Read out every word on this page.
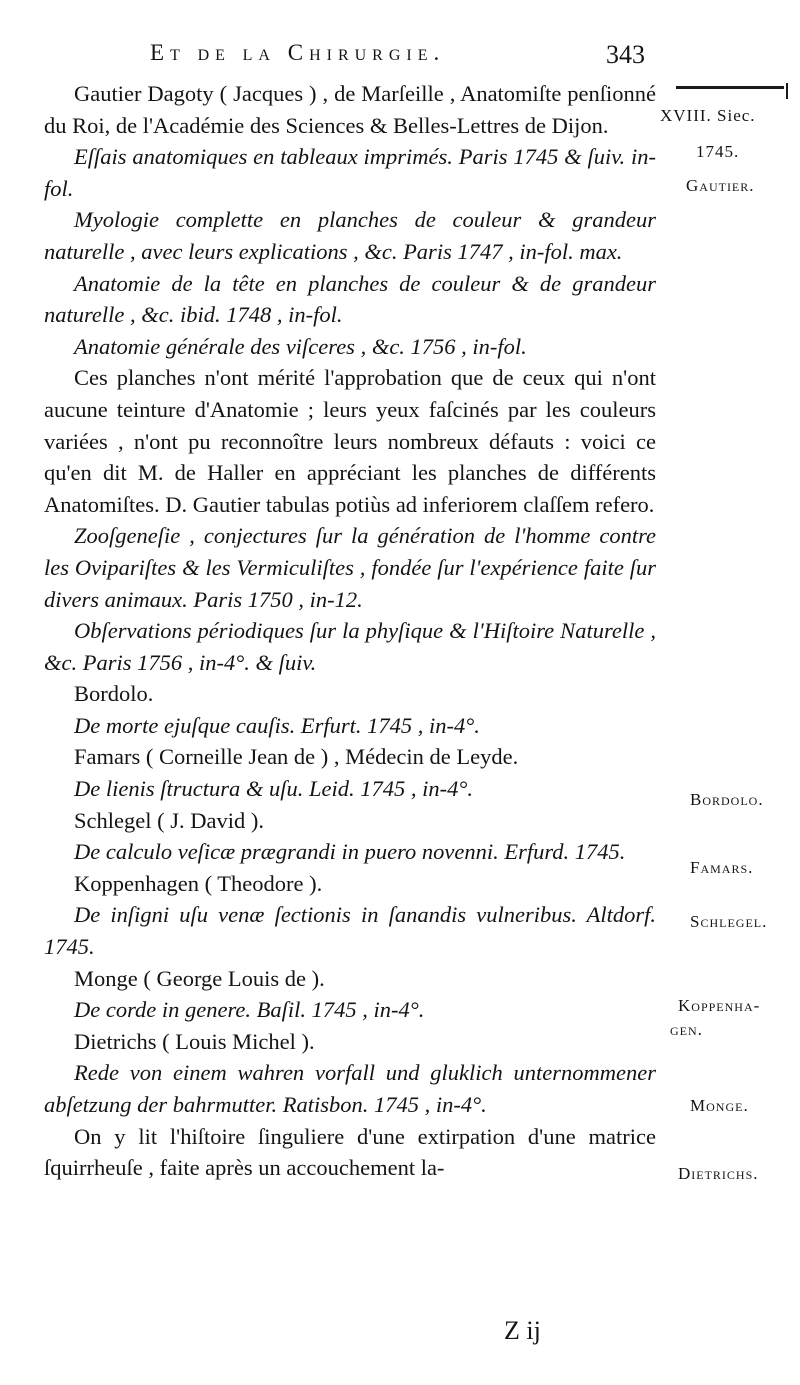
Et de la Chirurgie.	343
XVIII. Siec.
1745.
Gautier.
Bordolo.
Famars.
Schlegel.
Koppenha-
gen.
Monge.
Dietrichs.

Gautier Dagoty ( Jacques ) , de Marſeille , Anatomiſte penſionné du Roi, de l'Académie des Sciences & Belles-Lettres de Dijon.

Eſſais anatomiques en tableaux imprimés. Paris 1745 & ſuiv. in-fol.

Myologie complette en planches de couleur & grandeur naturelle , avec leurs explications , &c. Paris 1747 , in-fol. max.

Anatomie de la tête en planches de couleur & de grandeur naturelle , &c. ibid. 1748 , in-fol.

Anatomie générale des viſceres , &c. 1756 , in-fol.

Ces planches n'ont mérité l'approbation que de ceux qui n'ont aucune teinture d'Anatomie ; leurs yeux faſcinés par les couleurs variées , n'ont pu reconnoître leurs nombreux défauts : voici ce qu'en dit M. de Haller en appréciant les planches de différents Anatomiſtes. D. Gautier tabulas potiùs ad inferiorem claſſem refero.

Zooſgeneſie , conjectures ſur la génération de l'homme contre les Ovipariſtes & les Vermiculiſtes , fondée ſur l'expérience faite ſur divers animaux. Paris 1750 , in-12.

Obſervations périodiques ſur la phyſique & l'Hiſtoire Naturelle , &c. Paris 1756 , in-4°. & ſuiv.

Bordolo.

De morte ejuſque cauſis. Erfurt. 1745 , in-4°.

Famars ( Corneille Jean de ) , Médecin de Leyde.

De lienis ſtructura & uſu. Leid. 1745 , in-4°.

Schlegel ( J. David ).

De calculo veſicæ prægrandi in puero novenni. Erfurd. 1745.

Koppenhagen ( Theodore ).

De inſigni uſu venæ ſectionis in ſanandis vulneribus. Altdorf. 1745.

Monge ( George Louis de ).

De corde in genere. Baſil. 1745 , in-4°.

Dietrichs ( Louis Michel ).

Rede von einem wahren vorfall und gluklich unternommener abſetzung der bahrmutter. Ratisbon. 1745 , in-4°.

On y lit l'hiſtoire ſinguliere d'une extirpation d'une matrice ſquirrheuſe , faite après un accouchement la-

Z ij
